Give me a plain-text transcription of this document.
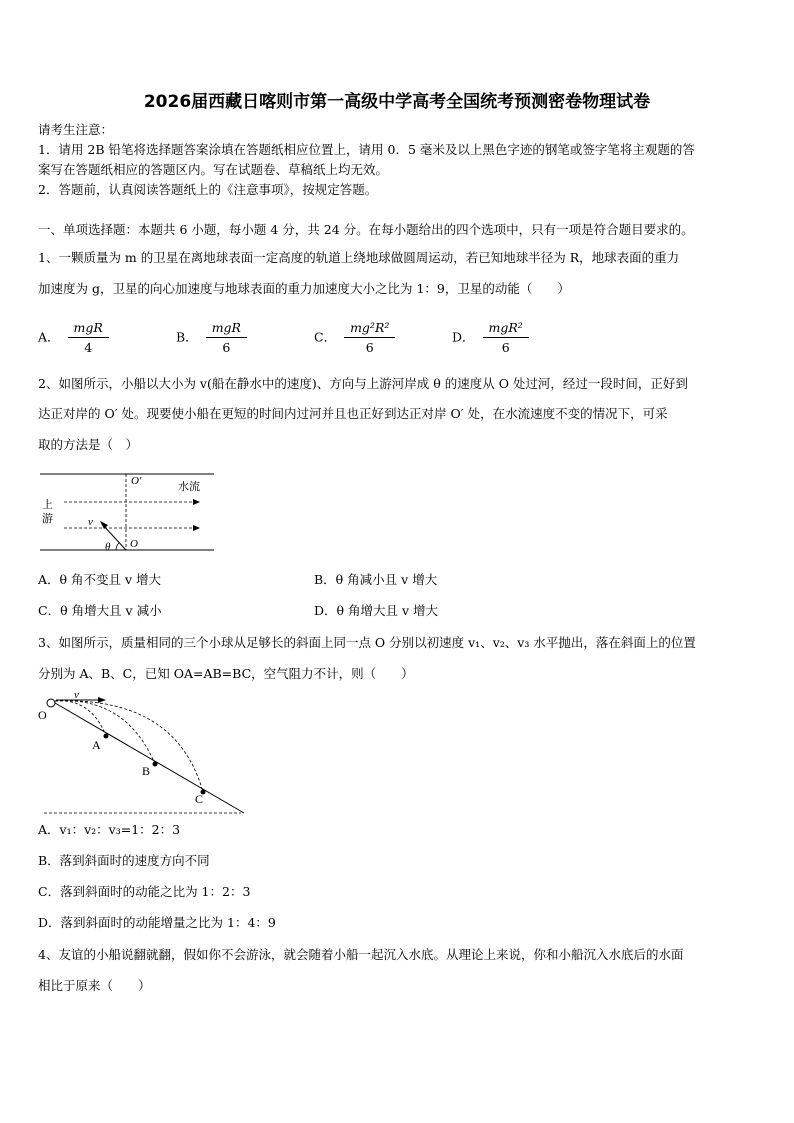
2026届西藏日喀则市第一高级中学高考全国统考预测密卷物理试卷
请考生注意：
1．请用 2B 铅笔将选择题答案涂填在答题纸相应位置上，请用 0．5 毫米及以上黑色字迹的钢笔或签字笔将主观题的答
案写在答题纸相应的答题区内。写在试题卷、草稿纸上均无效。
2．答题前，认真阅读答题纸上的《注意事项》，按规定答题。
一、单项选择题：本题共 6 小题，每小题 4 分，共 24 分。在每小题给出的四个选项中，只有一项是符合题目要求的。
1、一颗质量为 m 的卫星在离地球表面一定高度的轨道上绕地球做圆周运动，若已知地球半径为 R，地球表面的重力
加速度为 g，卫星的向心加速度与地球表面的重力加速度大小之比为 1：9，卫星的动能（　　）
A． $\frac{\text{mgR}}{4}$	B． $\frac{\text{mgR}}{6}$	C． $\frac{\text{mg²R²}}{6}$	D． $\frac{\text{mgR²}}{6}$
2、如图所示，小船以大小为 v(船在静水中的速度)、方向与上游河岸成 θ 的速度从 O 处过河，经过一段时间，正好到
达正对岸的 O′ 处。现要使小船在更短的时间内过河并且也正好到达正对岸 O′ 处，在水流速度不变的情况下，可采
取的方法是（　）
O′	水流
上
游	v
θ O
A．θ 角不变且 v 增大	B．θ 角减小且 v 增大
C．θ 角增大且 v 减小	D．θ 角增大且 v 增大
3、如图所示，质量相同的三个小球从足够长的斜面上同一点 O 分别以初速度 v₁、v₂、v₃ 水平抛出，落在斜面上的位置
分别为 A、B、C，已知 OA=AB=BC，空气阻力不计，则（　　）
O
v
A
B
C
A．v₁：v₂：v₃=1：2：3
B．落到斜面时的速度方向不同
C．落到斜面时的动能之比为 1：2：3
D．落到斜面时的动能增量之比为 1：4：9
4、友谊的小船说翻就翻，假如你不会游泳，就会随着小船一起沉入水底。从理论上来说，你和小船沉入水底后的水面
相比于原来（　　）
